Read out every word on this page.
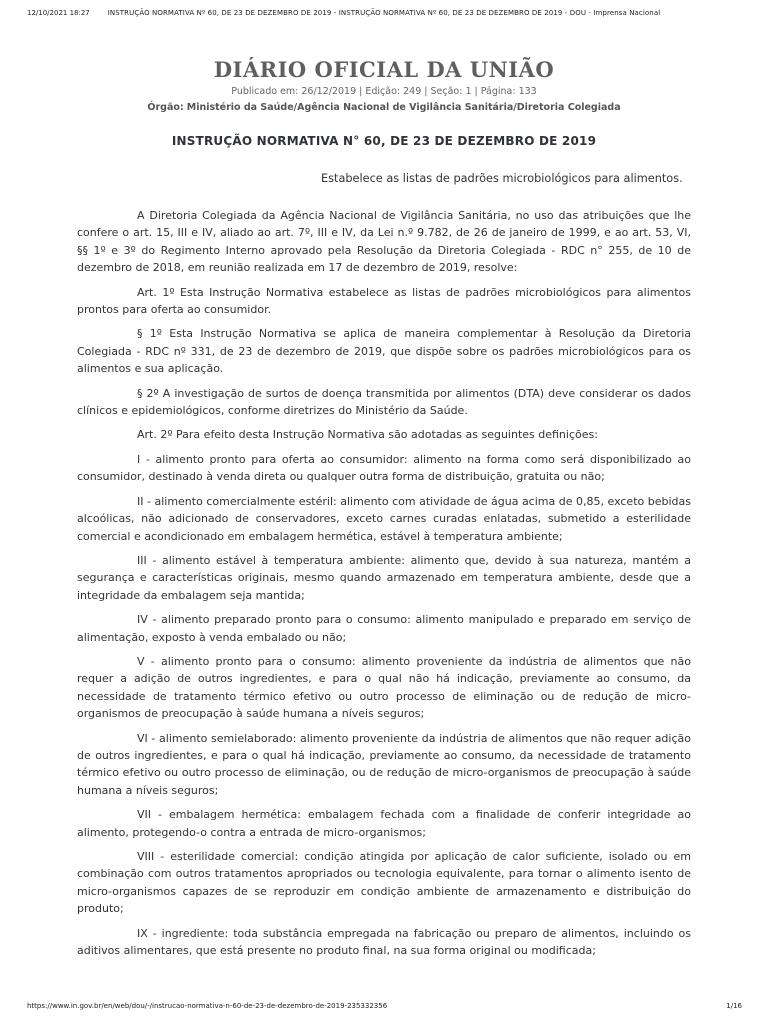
12/10/2021 18:27	INSTRUÇÃO NORMATIVA Nº 60, DE 23 DE DEZEMBRO DE 2019 - INSTRUÇÃO NORMATIVA Nº 60, DE 23 DE DEZEMBRO DE 2019 - DOU - Imprensa Nacional
DIÁRIO OFICIAL DA UNIÃO
Publicado em: 26/12/2019 | Edição: 249 | Seção: 1 | Página: 133
Órgão: Ministério da Saúde/Agência Nacional de Vigilância Sanitária/Diretoria Colegiada
INSTRUÇÃO NORMATIVA N° 60, DE 23 DE DEZEMBRO DE 2019
Estabelece as listas de padrões microbiológicos para alimentos.

A Diretoria Colegiada da Agência Nacional de Vigilância Sanitária, no uso das atribuições que lhe confere o art. 15, III e IV, aliado ao art. 7º, III e IV, da Lei n.º 9.782, de 26 de janeiro de 1999, e ao art. 53, VI, §§ 1º e 3º do Regimento Interno aprovado pela Resolução da Diretoria Colegiada - RDC n° 255, de 10 de dezembro de 2018, em reunião realizada em 17 de dezembro de 2019, resolve:

Art. 1º Esta Instrução Normativa estabelece as listas de padrões microbiológicos para alimentos prontos para oferta ao consumidor.

§ 1º Esta Instrução Normativa se aplica de maneira complementar à Resolução da Diretoria Colegiada - RDC nº 331, de 23 de dezembro de 2019, que dispõe sobre os padrões microbiológicos para os alimentos e sua aplicação.

§ 2º A investigação de surtos de doença transmitida por alimentos (DTA) deve considerar os dados clínicos e epidemiológicos, conforme diretrizes do Ministério da Saúde.

Art. 2º Para efeito desta Instrução Normativa são adotadas as seguintes definições:

I - alimento pronto para oferta ao consumidor: alimento na forma como será disponibilizado ao consumidor, destinado à venda direta ou qualquer outra forma de distribuição, gratuita ou não;

II - alimento comercialmente estéril: alimento com atividade de água acima de 0,85, exceto bebidas alcoólicas, não adicionado de conservadores, exceto carnes curadas enlatadas, submetido a esterilidade comercial e acondicionado em embalagem hermética, estável à temperatura ambiente;

III - alimento estável à temperatura ambiente: alimento que, devido à sua natureza, mantém a segurança e características originais, mesmo quando armazenado em temperatura ambiente, desde que a integridade da embalagem seja mantida;

IV - alimento preparado pronto para o consumo: alimento manipulado e preparado em serviço de alimentação, exposto à venda embalado ou não;

V - alimento pronto para o consumo: alimento proveniente da indústria de alimentos que não requer a adição de outros ingredientes, e para o qual não há indicação, previamente ao consumo, da necessidade de tratamento térmico efetivo ou outro processo de eliminação ou de redução de micro-organismos de preocupação à saúde humana a níveis seguros;

VI - alimento semielaborado: alimento proveniente da indústria de alimentos que não requer adição de outros ingredientes, e para o qual há indicação, previamente ao consumo, da necessidade de tratamento térmico efetivo ou outro processo de eliminação, ou de redução de micro-organismos de preocupação à saúde humana a níveis seguros;

VII - embalagem hermética: embalagem fechada com a finalidade de conferir integridade ao alimento, protegendo-o contra a entrada de micro-organismos;

VIII - esterilidade comercial: condição atingida por aplicação de calor suficiente, isolado ou em combinação com outros tratamentos apropriados ou tecnologia equivalente, para tornar o alimento isento de micro-organismos capazes de se reproduzir em condição ambiente de armazenamento e distribuição do produto;

IX - ingrediente: toda substância empregada na fabricação ou preparo de alimentos, incluindo os aditivos alimentares, que está presente no produto final, na sua forma original ou modificada;

https://www.in.gov.br/en/web/dou/-/instrucao-normativa-n-60-de-23-de-dezembro-de-2019-235332356	1/16
